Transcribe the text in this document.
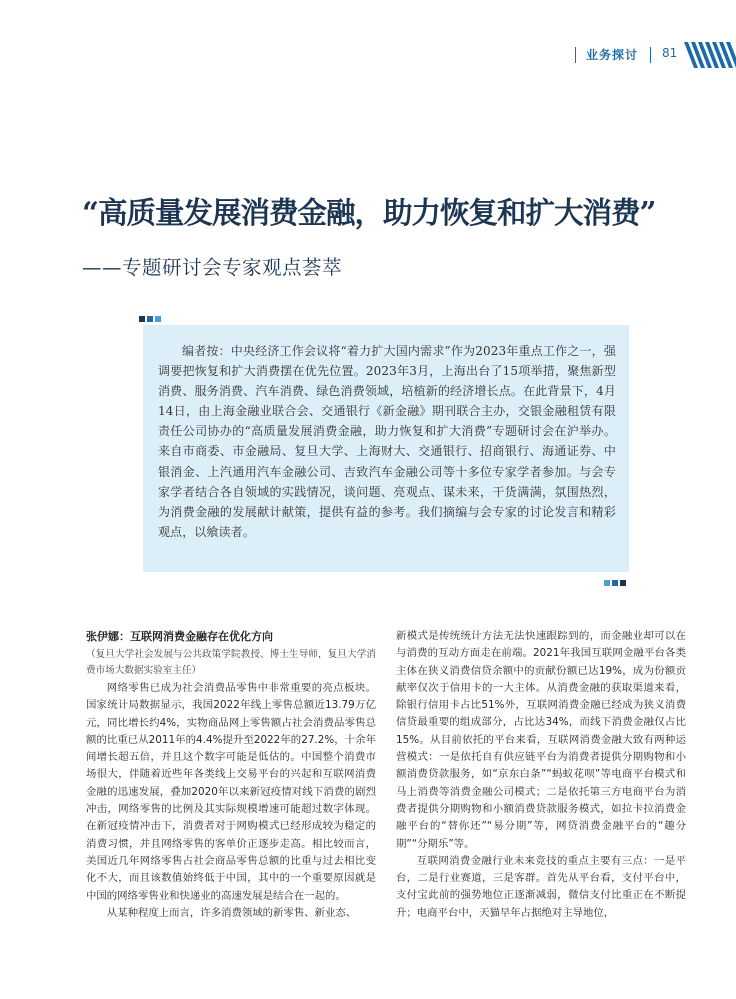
业务探讨 81
“高质量发展消费金融，助力恢复和扩大消费”
——专题研讨会专家观点荟萃

编者按：中央经济工作会议将“着力扩大国内需求”作为2023年重点工作之一，强调要把恢复和扩大消费摆在优先位置。2023年3月，上海出台了15项举措，聚焦新型消费、服务消费、汽车消费、绿色消费领域，培植新的经济增长点。在此背景下，4月14日，由上海金融业联合会、交通银行《新金融》期刊联合主办，交银金融租赁有限责任公司协办的“高质量发展消费金融，助力恢复和扩大消费”专题研讨会在沪举办。来自市商委、市金融局、复旦大学、上海财大、交通银行、招商银行、海通证券、中银消金、上汽通用汽车金融公司、吉致汽车金融公司等十多位专家学者参加。与会专家学者结合各自领域的实践情况，谈问题、亮观点、谋未来，干货满满，氛围热烈，为消费金融的发展献计献策，提供有益的参考。我们摘编与会专家的讨论发言和精彩观点，以飨读者。

张伊娜：互联网消费金融存在优化方向
（复旦大学社会发展与公共政策学院教授、博士生导师，复旦大学消费市场大数据实验室主任）

网络零售已成为社会消费品零售中非常重要的亮点板块。国家统计局数据显示，我国2022年线上零售总额近13.79万亿元，同比增长约4%，实物商品网上零售额占社会消费品零售总额的比重已从2011年的4.4%提升至2022年的27.2%，十余年间增长超五倍，并且这个数字可能是低估的。中国整个消费市场很大，伴随着近些年各类线上交易平台的兴起和互联网消费金融的迅速发展，叠加2020年以来新冠疫情对线下消费的剧烈冲击，网络零售的比例及其实际规模增速可能超过数字体现。在新冠疫情冲击下，消费者对于网购模式已经形成较为稳定的消费习惯，并且网络零售的客单价正逐步走高。相比较而言，美国近几年网络零售占社会商品零售总额的比重与过去相比变化不大，而且该数值始终低于中国，其中的一个重要原因就是中国的网络零售业和快递业的高速发展是结合在一起的。

从某种程度上而言，许多消费领域的新零售、新业态、

新模式是传统统计方法无法快速跟踪到的，而金融业却可以在与消费的互动方面走在前端。2021年我国互联网金融平台各类主体在狭义消费信贷余额中的贡献份额已达19%，成为份额贡献率仅次于信用卡的一大主体。从消费金融的获取渠道来看，除银行信用卡占比51%外，互联网消费金融已经成为狭义消费信贷最重要的组成部分，占比达34%，而线下消费金融仅占比15%。从目前依托的平台来看，互联网消费金融大致有两种运营模式：一是依托自有供应链平台为消费者提供分期购物和小额消费贷款服务，如“京东白条”“蚂蚁花呗”等电商平台模式和马上消费等消费金融公司模式；二是依托第三方电商平台为消费者提供分期购物和小额消费贷款服务模式，如拉卡拉消费金融平台的“替你还”“易分期”等，网贷消费金融平台的“趣分期”“分期乐”等。

互联网消费金融行业未来竞技的重点主要有三点：一是平台，二是行业赛道，三是客群。首先从平台看，支付平台中，支付宝此前的强势地位正逐渐减弱，微信支付比重正在不断提升；电商平台中，天猫早年占据绝对主导地位，
